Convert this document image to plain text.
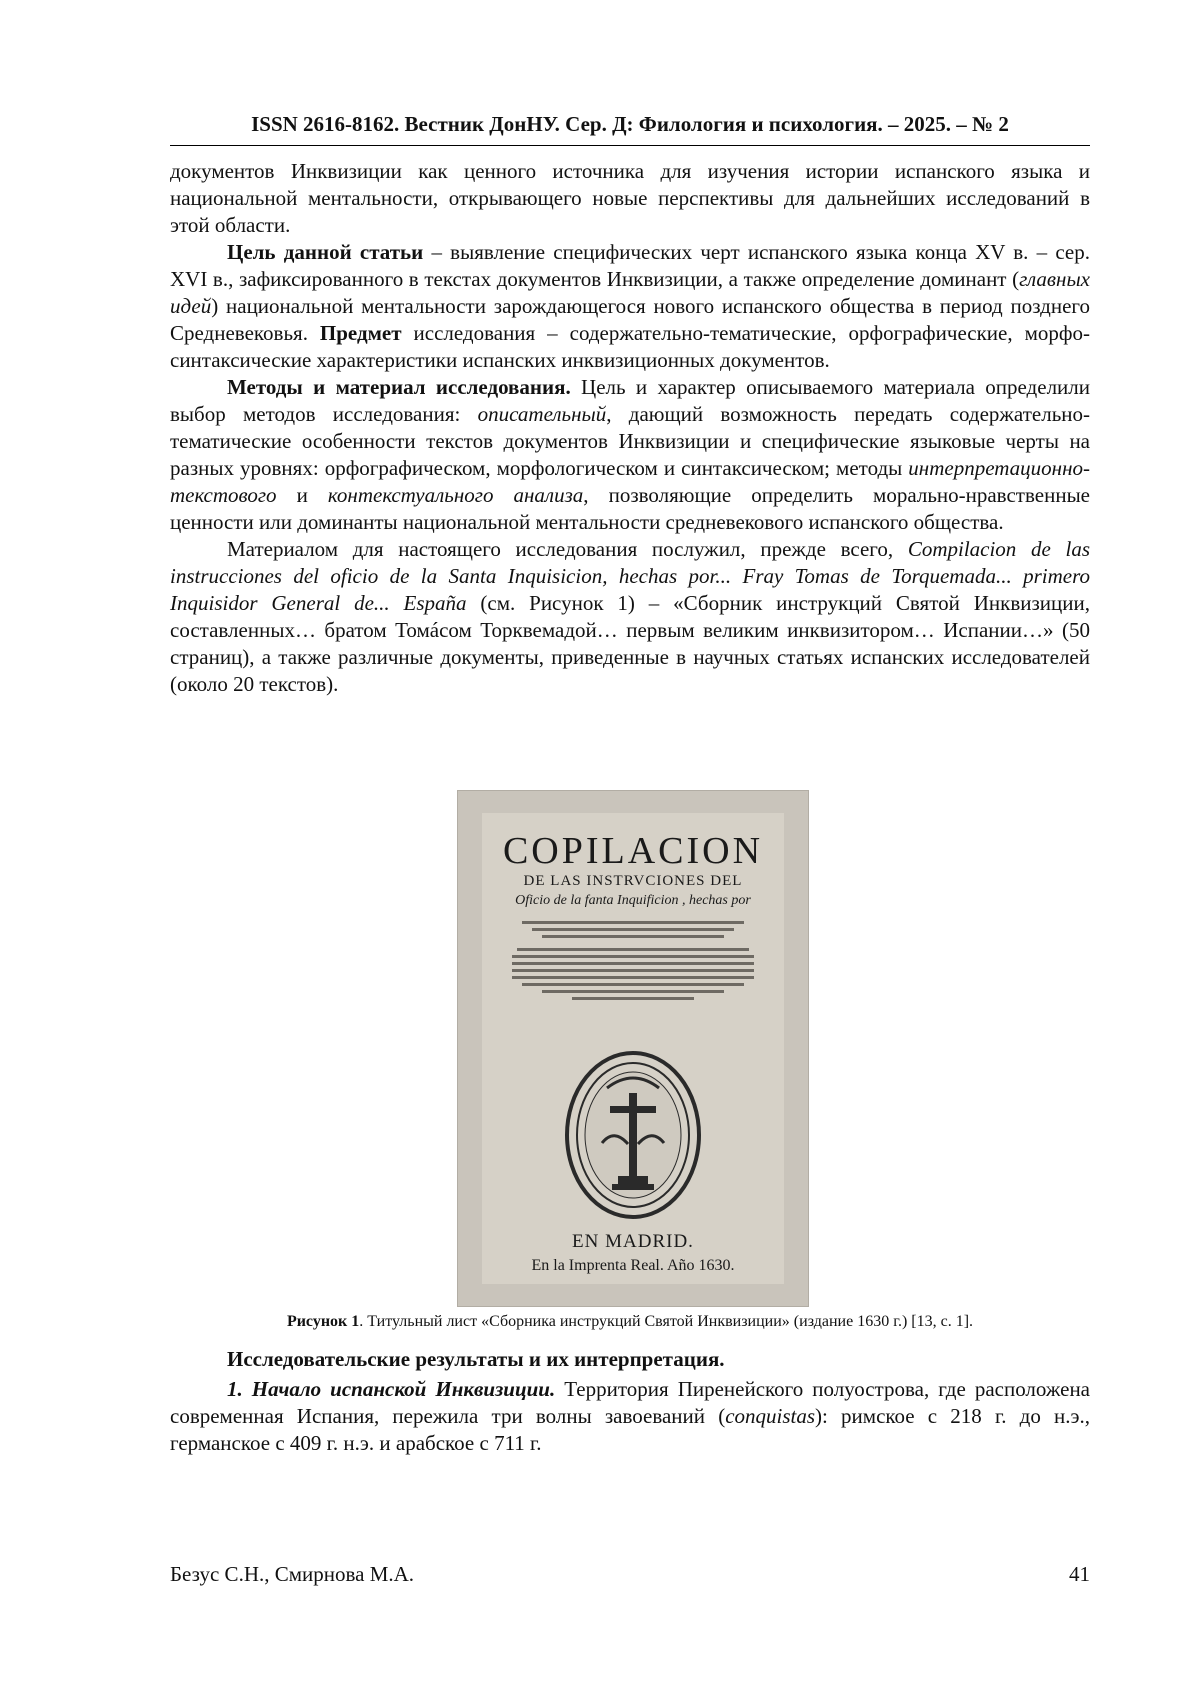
ISSN 2616-8162. Вестник ДонНУ. Сер. Д: Филология и психология. – 2025. – № 2

документов Инквизиции как ценного источника для изучения истории испанского языка и национальной ментальности, открывающего новые перспективы для дальнейших исследований в этой области.

Цель данной статьи – выявление специфических черт испанского языка конца XV в. – сер. XVI в., зафиксированного в текстах документов Инквизиции, а также определение доминант (главных идей) национальной ментальности зарождающегося нового испанского общества в период позднего Средневековья. Предмет исследования – содержательно-тематические, орфографические, морфо-синтаксические характеристики испанских инквизиционных документов.

Методы и материал исследования. Цель и характер описываемого материала определили выбор методов исследования: описательный, дающий возможность передать содержательно-тематические особенности текстов документов Инквизиции и специфические языковые черты на разных уровнях: орфографическом, морфологическом и синтаксическом; методы интерпретационно-текстового и контекстуального анализа, позволяющие определить морально-нравственные ценности или доминанты национальной ментальности средневекового испанского общества.

Материалом для настоящего исследования послужил, прежде всего, Compilacion de las instrucciones del oficio de la Santa Inquisicion, hechas por... Fray Tomas de Torquemada... primero Inquisidor General de... España (см. Рисунок 1) – «Сборник инструкций Святой Инквизиции, составленных… братом Томáсом Торквемадой… первым великим инквизитором… Испании…» (50 страниц), а также различные документы, приведенные в научных статьях испанских исследователей (около 20 текстов).

COPILACION
DE LAS INSTRVCIONES DEL
Oficio de la fanta Inquificion , hechas por
EN MADRID.
En la Imprenta Real. Año 1630.
Рисунок 1. Титульный лист «Сборника инструкций Святой Инквизиции» (издание 1630 г.) [13, с. 1].
Исследовательские результаты и их интерпретация.

1. Начало испанской Инквизиции. Территория Пиренейского полуострова, где расположена современная Испания, пережила три волны завоеваний (conquistas): римское с 218 г. до н.э., германское с 409 г. н.э. и арабское с 711 г.

Безус С.Н., Смирнова М.А.	41
